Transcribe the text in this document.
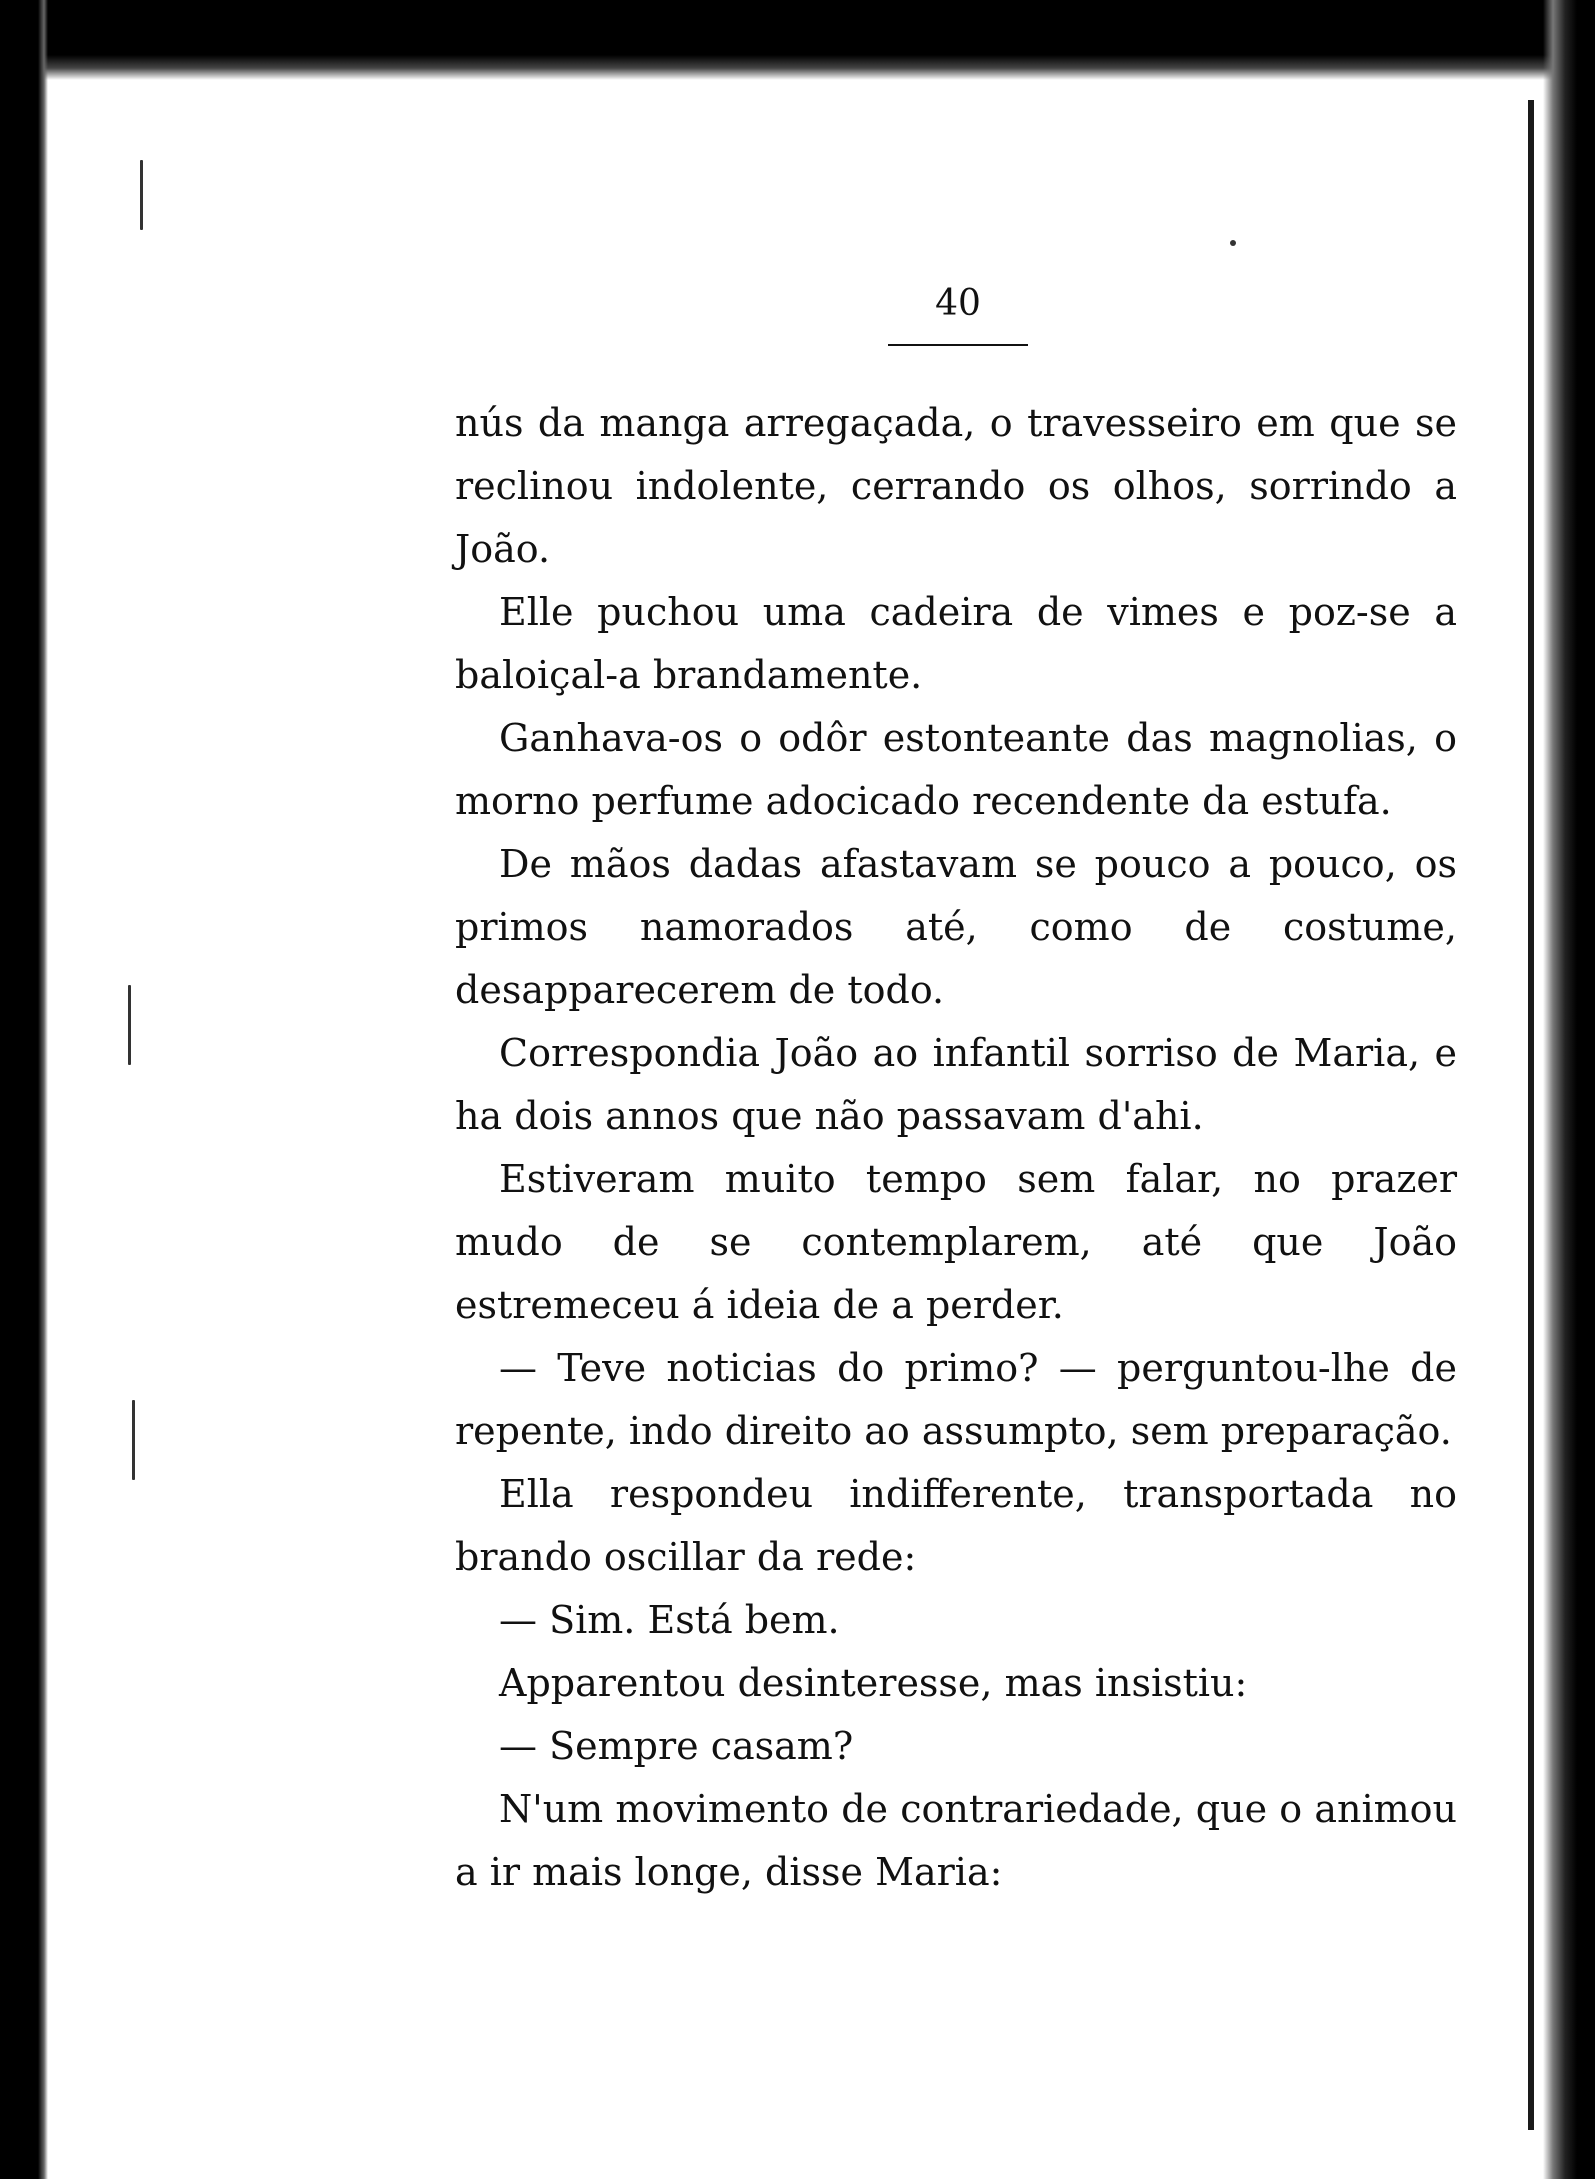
40

nús da manga arregaçada, o travesseiro em que se reclinou indolente, cerrando os olhos, sorrindo a João.

Elle puchou uma cadeira de vimes e poz-se a baloiçal-a brandamente.

Ganhava-os o odôr estonteante das magnolias, o morno perfume adocicado recendente da estufa.

De mãos dadas afastavam se pouco a pouco, os primos namorados até, como de costume, desapparecerem de todo.

Correspondia João ao infantil sorriso de Maria, e ha dois annos que não passavam d'ahi.

Estiveram muito tempo sem falar, no prazer mudo de se contemplarem, até que João estremeceu á ideia de a perder.

— Teve noticias do primo? — perguntou-lhe de repente, indo direito ao assumpto, sem preparação.

Ella respondeu indifferente, transportada no brando oscillar da rede:

— Sim. Está bem.

Apparentou desinteresse, mas insistiu:

— Sempre casam?

N'um movimento de contrariedade, que o animou a ir mais longe, disse Maria:
